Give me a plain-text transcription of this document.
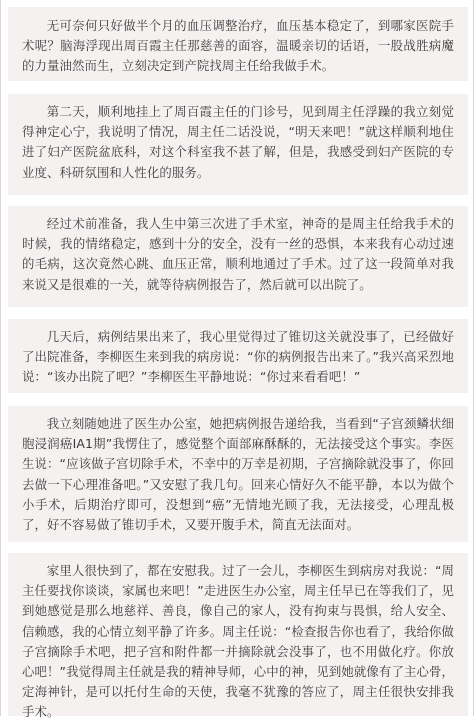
无可奈何只好做半个月的血压调整治疗，血压基本稳定了，到哪家医院手术呢？脑海浮现出周百霞主任那慈善的面容，温暖亲切的话语，一股战胜病魔的力量油然而生，立刻决定到产院找周主任给我做手术。

第二天，顺利地挂上了周百霞主任的门诊号，见到周主任浮躁的我立刻觉得神定心宁，我说明了情况，周主任二话没说，“明天来吧！”就这样顺利地住进了妇产医院盆底科，对这个科室我不甚了解，但是，我感受到妇产医院的专业度、科研氛围和人性化的服务。

经过术前准备，我人生中第三次进了手术室，神奇的是周主任给我手术的时候，我的情绪稳定，感到十分的安全，没有一丝的恐惧，本来我有心动过速的毛病，这次竟然心跳、血压正常，顺利地通过了手术。过了这一段简单对我来说又是很难的一关，就等待病例报告了，然后就可以出院了。

几天后，病例结果出来了，我心里觉得过了锥切这关就没事了，已经做好了出院准备，李柳医生来到我的病房说：“你的病例报告出来了。”我兴高采烈地说：“该办出院了吧？”李柳医生平静地说：“你过来看看吧！”

我立刻随她进了医生办公室，她把病例报告递给我，当看到“子宫颈鳞状细胞浸润癌IA1期”我愣住了，感觉整个面部麻酥酥的，无法接受这个事实。李医生说：“应该做子宫切除手术，不幸中的万幸是初期，子宫摘除就没事了，你回去做一下心理准备吧。”又安慰了我几句。回来心情好久不能平静，本以为做个小手术，后期治疗即可，没想到“癌”无情地光顾了我，无法接受，心理乱极了，好不容易做了锥切手术，又要开腹手术，简直无法面对。

家里人很快到了，都在安慰我。过了一会儿，李柳医生到病房对我说：“周主任要找你谈谈，家属也来吧！”走进医生办公室，周主任早已在等我们了，见到她感觉是那么地慈祥、善良，像自己的家人，没有拘束与畏惧，给人安全、信赖感，我的心情立刻平静了许多。周主任说：“检查报告你也看了，我给你做子宫摘除手术吧，把子宫和附件都一并摘除就会没事了，也不用做化疗。你放心吧！”我觉得周主任就是我的精神导师，心中的神，见到她就像有了主心骨，定海神针，是可以托付生命的天使，我毫不犹豫的答应了，周主任很快安排我手术。
